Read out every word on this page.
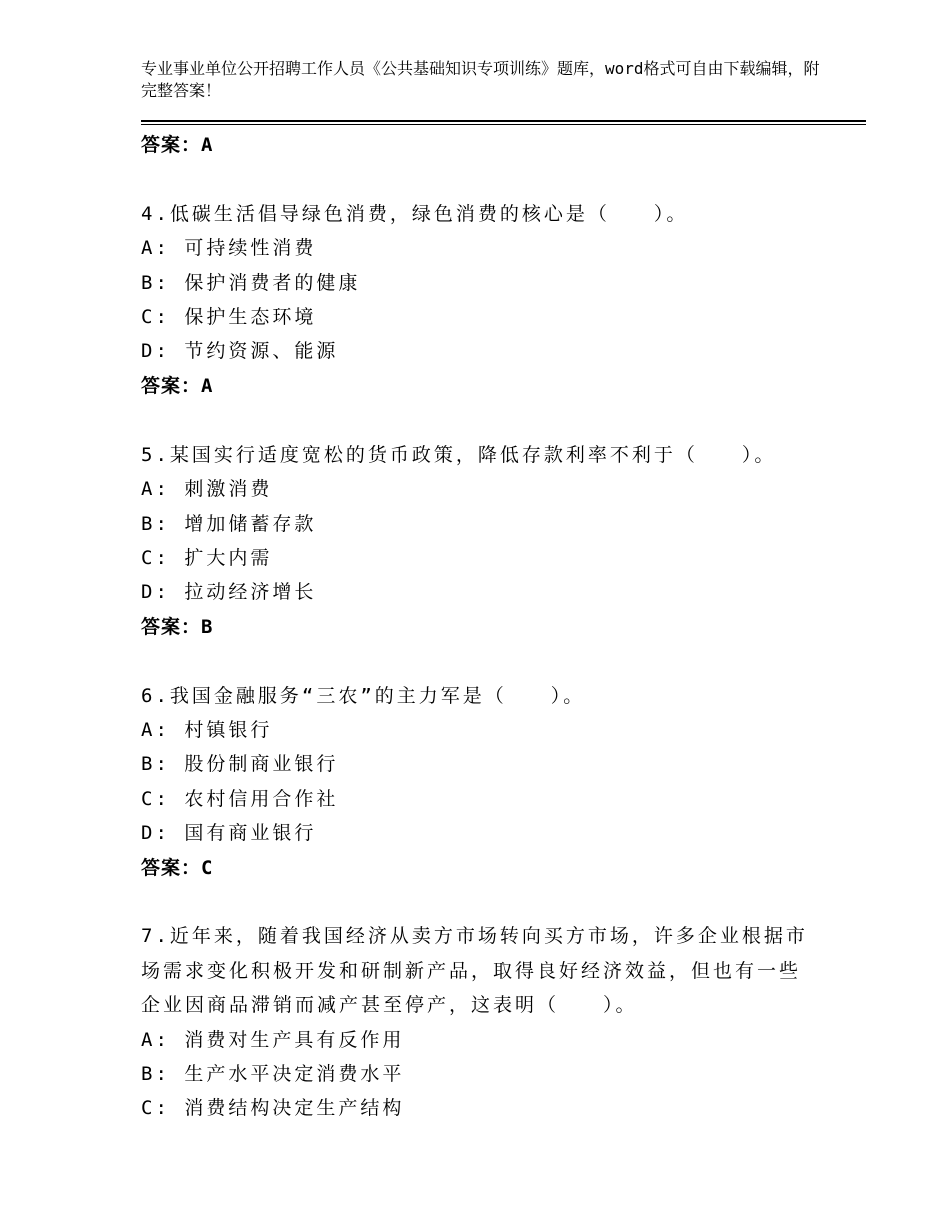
专业事业单位公开招聘工作人员《公共基础知识专项训练》题库，word格式可自由下载编辑，附完整答案！
答案：A
4.低碳生活倡导绿色消费，绿色消费的核心是（　　）。
A: 可持续性消费
B: 保护消费者的健康
C: 保护生态环境
D: 节约资源、能源
答案：A
5.某国实行适度宽松的货币政策，降低存款利率不利于（　　）。
A: 刺激消费
B: 增加储蓄存款
C: 扩大内需
D: 拉动经济增长
答案：B
6.我国金融服务“三农”的主力军是（　　）。
A: 村镇银行
B: 股份制商业银行
C: 农村信用合作社
D: 国有商业银行
答案：C
7.近年来，随着我国经济从卖方市场转向买方市场，许多企业根据市场需求变化积极开发和研制新产品，取得良好经济效益，但也有一些企业因商品滞销而减产甚至停产，这表明（　　）。
A: 消费对生产具有反作用
B: 生产水平决定消费水平
C: 消费结构决定生产结构
